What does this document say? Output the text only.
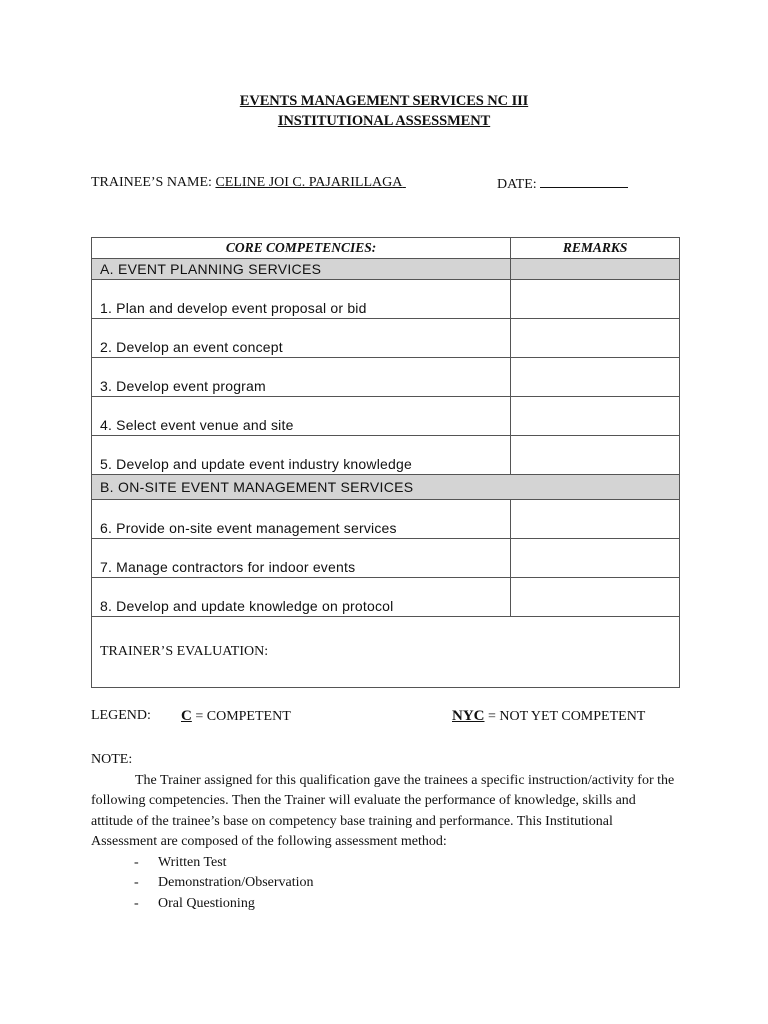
EVENTS MANAGEMENT SERVICES NC III
INSTITUTIONAL ASSESSMENT
TRAINEE’S NAME: CELINE JOI C. PAJARILLAGA	DATE:
CORE COMPETENCIES:	REMARKS
A. EVENT PLANNING SERVICES	
1. Plan and develop event proposal or bid	
2. Develop an event concept	
3. Develop event program	
4. Select event venue and site	
5. Develop and update event industry knowledge	
B. ON-SITE EVENT MANAGEMENT SERVICES	
6. Provide on-site event management services	
7. Manage contractors for indoor events	
8. Develop and update knowledge on protocol	
TRAINER’S EVALUATION:	
LEGEND: C = COMPETENT	NYC = NOT YET COMPETENT

NOTE:

The Trainer assigned for this qualification gave the trainees a specific instruction/activity for the following competencies. Then the Trainer will evaluate the performance of knowledge, skills and attitude of the trainee’s base on competency base training and performance. This Institutional Assessment are composed of the following assessment method:

- Written Test
- Demonstration/Observation
- Oral Questioning
